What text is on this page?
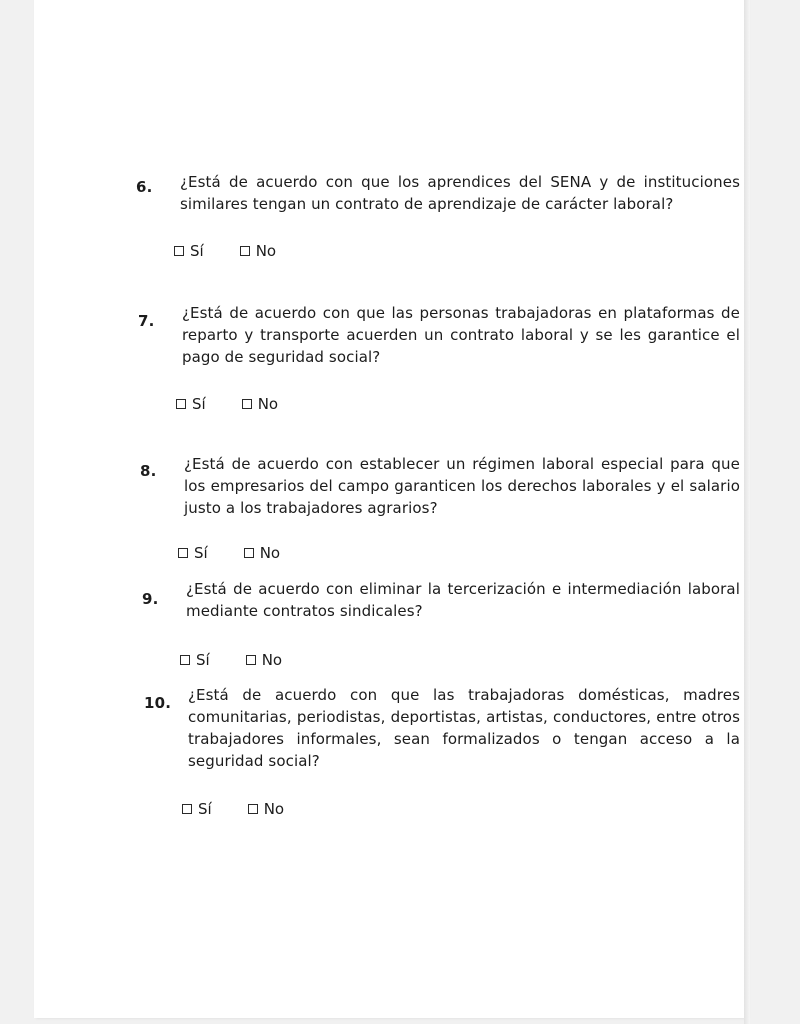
6. ¿Está de acuerdo con que los aprendices del SENA y de instituciones similares tengan un contrato de aprendizaje de carácter laboral?
Sí	No
7. ¿Está de acuerdo con que las personas trabajadoras en plataformas de reparto y transporte acuerden un contrato laboral y se les garantice el pago de seguridad social?
Sí	No
8. ¿Está de acuerdo con establecer un régimen laboral especial para que los empresarios del campo garanticen los derechos laborales y el salario justo a los trabajadores agrarios?
Sí	No
9.
¿Está de acuerdo con eliminar la tercerización e intermediación laboral mediante contratos sindicales?
Sí	No
10. ¿Está de acuerdo con que las trabajadoras domésticas, madres comunitarias, periodistas, deportistas, artistas, conductores, entre otros trabajadores informales, sean formalizados o tengan acceso a la seguridad social?
Sí	No
